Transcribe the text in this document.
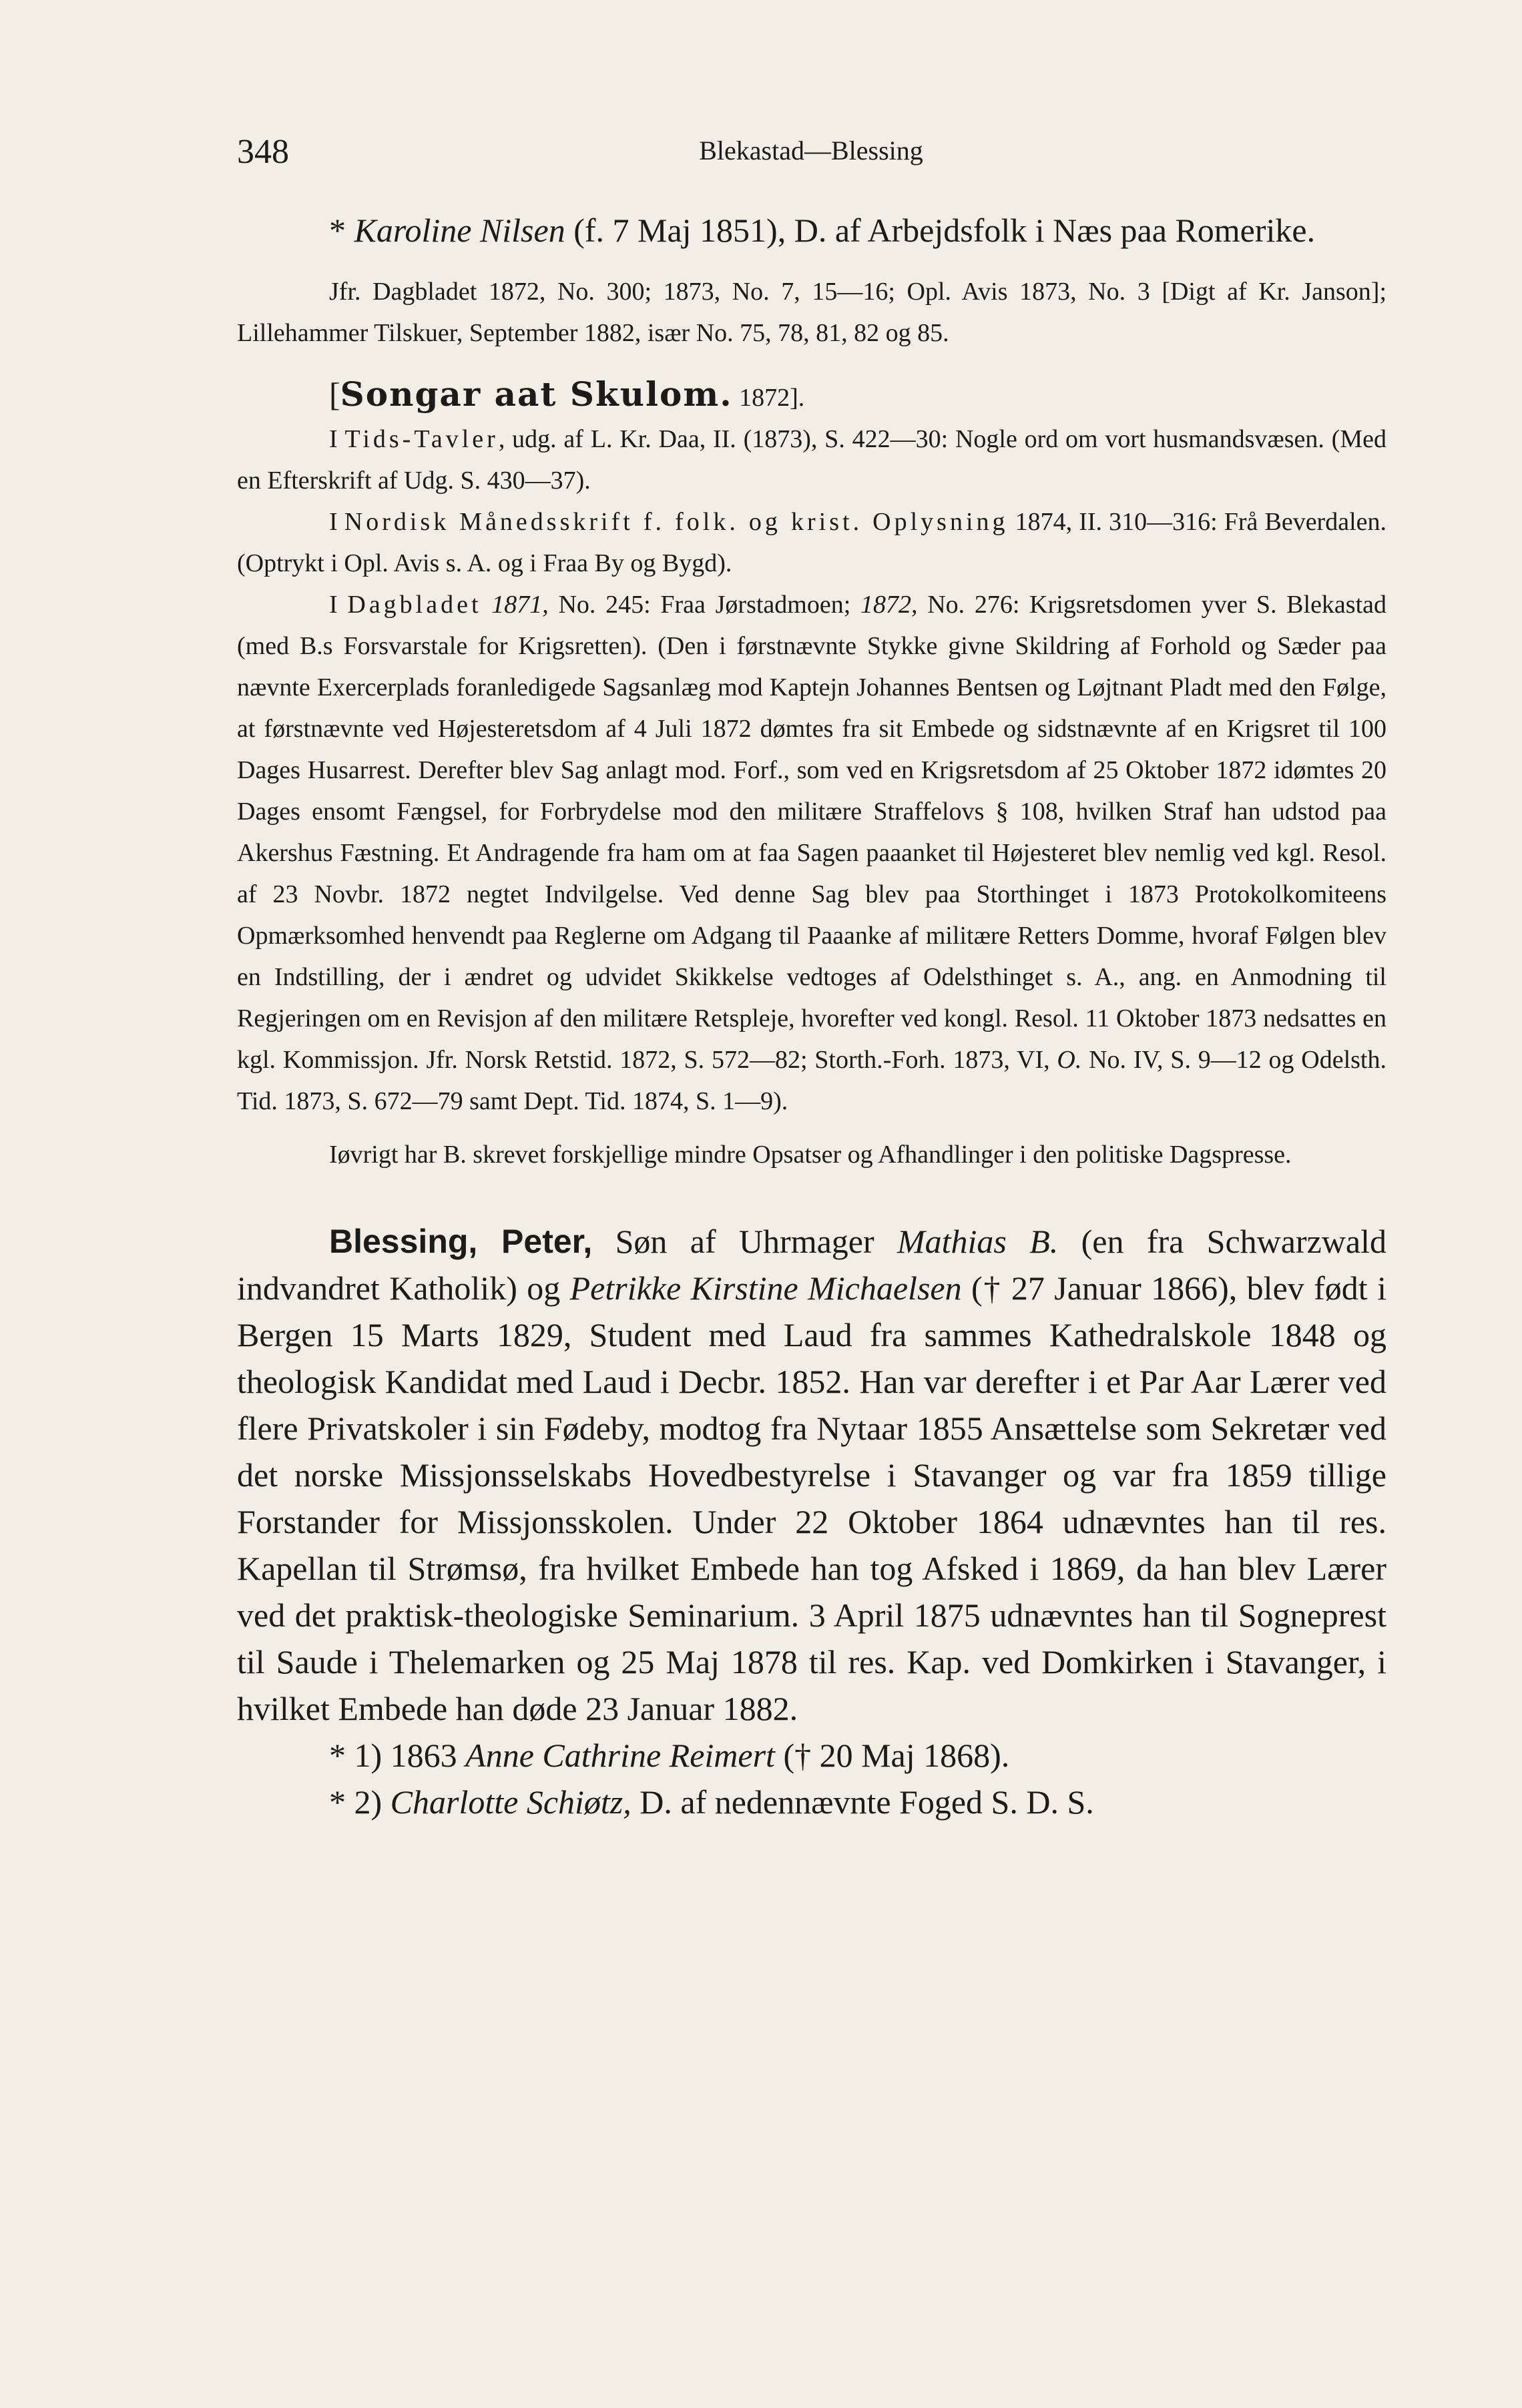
348	Blekastad—Blessing

* Karoline Nilsen (f. 7 Maj 1851), D. af Arbejdsfolk i Næs paa Romerike.

Jfr. Dagbladet 1872, No. 300; 1873, No. 7, 15—16; Opl. Avis 1873, No. 3 [Digt af Kr. Janson]; Lillehammer Tilskuer, September 1882, især No. 75, 78, 81, 82 og 85.

[Songar aat Skulom. 1872].

I Tids-Tavler, udg. af L. Kr. Daa, II. (1873), S. 422—30: Nogle ord om vort husmandsvæsen. (Med en Efterskrift af Udg. S. 430—37).

I Nordisk Månedsskrift f. folk. og krist. Oplysning 1874, II. 310—316: Frå Beverdalen. (Optrykt i Opl. Avis s. A. og i Fraa By og Bygd).

I Dagbladet 1871, No. 245: Fraa Jørstadmoen; 1872, No. 276: Krigsretsdomen yver S. Blekastad (med B.s Forsvarstale for Krigsretten). (Den i førstnævnte Stykke givne Skildring af Forhold og Sæder paa nævnte Exercerplads foranledigede Sagsanlæg mod Kaptejn Johannes Bentsen og Løjtnant Pladt med den Følge, at førstnævnte ved Højesteretsdom af 4 Juli 1872 dømtes fra sit Embede og sidstnævnte af en Krigsret til 100 Dages Husarrest. Derefter blev Sag anlagt mod. Forf., som ved en Krigsretsdom af 25 Oktober 1872 idømtes 20 Dages ensomt Fængsel, for Forbrydelse mod den militære Straffelovs § 108, hvilken Straf han udstod paa Akershus Fæstning. Et Andragende fra ham om at faa Sagen paaanket til Højesteret blev nemlig ved kgl. Resol. af 23 Novbr. 1872 negtet Indvilgelse. Ved denne Sag blev paa Storthinget i 1873 Protokolkomiteens Opmærksomhed henvendt paa Reglerne om Adgang til Paaanke af militære Retters Domme, hvoraf Følgen blev en Indstilling, der i ændret og udvidet Skikkelse vedtoges af Odelsthinget s. A., ang. en Anmodning til Regjeringen om en Revisjon af den militære Retspleje, hvorefter ved kongl. Resol. 11 Oktober 1873 nedsattes en kgl. Kommissjon. Jfr. Norsk Retstid. 1872, S. 572—82; Storth.-Forh. 1873, VI, O. No. IV, S. 9—12 og Odelsth. Tid. 1873, S. 672—79 samt Dept. Tid. 1874, S. 1—9).

Iøvrigt har B. skrevet forskjellige mindre Opsatser og Afhandlinger i den politiske Dagspresse.

Blessing, Peter, Søn af Uhrmager Mathias B. (en fra Schwarzwald indvandret Katholik) og Petrikke Kirstine Michaelsen († 27 Januar 1866), blev født i Bergen 15 Marts 1829, Student med Laud fra sammes Kathedralskole 1848 og theologisk Kandidat med Laud i Decbr. 1852. Han var derefter i et Par Aar Lærer ved flere Privatskoler i sin Fødeby, modtog fra Nytaar 1855 Ansættelse som Sekretær ved det norske Missjonsselskabs Hovedbestyrelse i Stavanger og var fra 1859 tillige Forstander for Missjonsskolen. Under 22 Oktober 1864 udnævntes han til res. Kapellan til Strømsø, fra hvilket Embede han tog Afsked i 1869, da han blev Lærer ved det praktisk-theologiske Seminarium. 3 April 1875 udnævntes han til Sogneprest til Saude i Thelemarken og 25 Maj 1878 til res. Kap. ved Domkirken i Stavanger, i hvilket Embede han døde 23 Januar 1882.

* 1) 1863 Anne Cathrine Reimert († 20 Maj 1868).

* 2) Charlotte Schiøtz, D. af nedennævnte Foged S. D. S.
